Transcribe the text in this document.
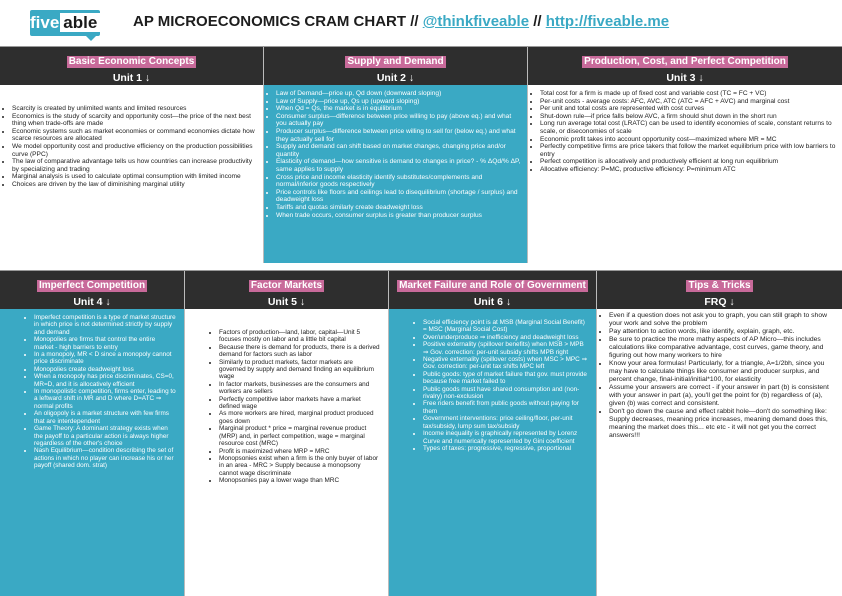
five able AP MICROECONOMICS CRAM CHART // @thinkfiveable // http://fiveable.me
Basic Economic Concepts
Unit 1 ↓
• Scarcity is created by unlimited wants and limited resources
• Economics is the study of scarcity and opportunity cost—the price of the next best thing when trade-offs are made
• Economic systems such as market economies or command economies dictate how scarce resources are allocated
• We model opportunity cost and productive efficiency on the production possibilities curve (PPC)
• The law of comparative advantage tells us how countries can increase productivity by specializing and trading
• Marginal analysis is used to calculate optimal consumption with limited income
• Choices are driven by the law of diminishing marginal utility
Supply and Demand
Unit 2 ↓
• Law of Demand—price up, Qd down (downward sloping)
• Law of Supply—price up, Qs up (upward sloping)
• When Qd = Qs, the market is in equilibrium
• Consumer surplus—difference between price willing to pay (above eq.) and what you actually pay
• Producer surplus—difference between price willing to sell for (below eq.) and what they actually sell for
• Supply and demand can shift based on market changes, changing price and/or quantity
• Elasticity of demand—how sensitive is demand to changes in price? - % ΔQd/% ΔP, same applies to supply
• Cross price and income elasticity identify substitutes/complements and normal/inferior goods respectively
• Price controls like floors and ceilings lead to disequilibrium (shortage / surplus) and deadweight loss
• Tariffs and quotas similarly create deadweight loss
• When trade occurs, consumer surplus is greater than producer surplus
Production, Cost, and Perfect Competition
Unit 3 ↓
• Total cost for a firm is made up of fixed cost and variable cost (TC = FC + VC)
• Per-unit costs - average costs: AFC, AVC, ATC (ATC = AFC + AVC) and marginal cost
• Per unit and total costs are represented with cost curves
• Shut-down rule—if price falls below AVC, a firm should shut down in the short run
• Long run average total cost (LRATC) can be used to identify economies of scale, constant returns to scale, or diseconomies of scale
• Economic profit takes into account opportunity cost—maximized where MR = MC
• Perfectly competitive firms are price takers that follow the market equilibrium price with low barriers to entry
• Perfect competition is allocatively and productively efficient at long run equilibrium
• Allocative efficiency: P=MC, productive efficiency: P=minimum ATC
Imperfect Competition
Unit 4 ↓
• Imperfect competition is a type of market structure in which price is not determined strictly by supply and demand
• Monopolies are firms that control the entire market - high barriers to entry
• In a monopoly, MR < D since a monopoly cannot price discriminate
• Monopolies create deadweight loss
• When a monopoly has price discriminates, CS=0, MR=D, and it is allocatively efficient
• In monopolistic competition, firms enter, leading to a leftward shift in MR and D where D=ATC ⇒ normal profits
• An oligopoly is a market structure with few firms that are interdependent
• Game Theory: A dominant strategy exists when the payoff to a particular action is always higher regardless of the other's choice
• Nash Equilibrium—condition describing the set of actions in which no player can increase his or her payoff (shared dom. strat)
Factor Markets
Unit 5 ↓
• Factors of production—land, labor, capital—Unit 5 focuses mostly on labor and a little bit capital
• Because there is demand for products, there is a derived demand for factors such as labor
• Similarly to product markets, factor markets are governed by supply and demand finding an equilibrium wage
• In factor markets, businesses are the consumers and workers are sellers
• Perfectly competitive labor markets have a market defined wage
• As more workers are hired, marginal product produced goes down
• Marginal product * price = marginal revenue product (MRP) and, in perfect competition, wage = marginal resource cost (MRC)
• Profit is maximized where MRP = MRC
• Monopsonies exist when a firm is the only buyer of labor in an area - MRC > Supply because a monopsony cannot wage discriminate
• Monopsonies pay a lower wage than MRC
Market Failure and Role of Government
Unit 6 ↓
• Social efficiency point is at MSB (Marginal Social Benefit) = MSC (Marginal Social Cost)
• Over/underproduce ⇒ inefficiency and deadweight loss
• Positive externality (spillover benefits) when MSB > MPB ⇒ Gov. correction: per-unit subsidy shifts MPB right
• Negative externality (spillover costs) when MSC > MPC ⇒ Gov. correction: per-unit tax shifts MPC left
• Public goods: type of market failure that gov. must provide because free market failed to
• Public goods must have shared consumption and (non-rivalry) non-exclusion
• Free riders benefit from public goods without paying for them
• Government interventions: price ceiling/floor, per-unit tax/subsidy, lump sum tax/subsidy
• Income inequality is graphically represented by Lorenz Curve and numerically represented by Gini coefficient
• Types of taxes: progressive, regressive, proportional
Tips & Tricks
FRQ ↓
• Even if a question does not ask you to graph, you can still graph to show your work and solve the problem
• Pay attention to action words, like identify, explain, graph, etc.
• Be sure to practice the more mathy aspects of AP Micro—this includes calculations like comparative advantage, cost curves, game theory, and figuring out how many workers to hire
• Know your area formulas! Particularly, for a triangle, A=1/2bh, since you may have to calculate things like consumer and producer surplus, and percent change, final-initial/initial*100, for elasticity
• Assume your answers are correct - if your answer in part (b) is consistent with your answer in part (a), you'll get the point for (b) regardless of (a), given (b) was correct and consistent.
• Don't go down the cause and effect rabbit hole—don't do something like: Supply decreases, meaning price increases, meaning demand does this, meaning the market does this... etc etc - it will not get you the correct answers!!!
